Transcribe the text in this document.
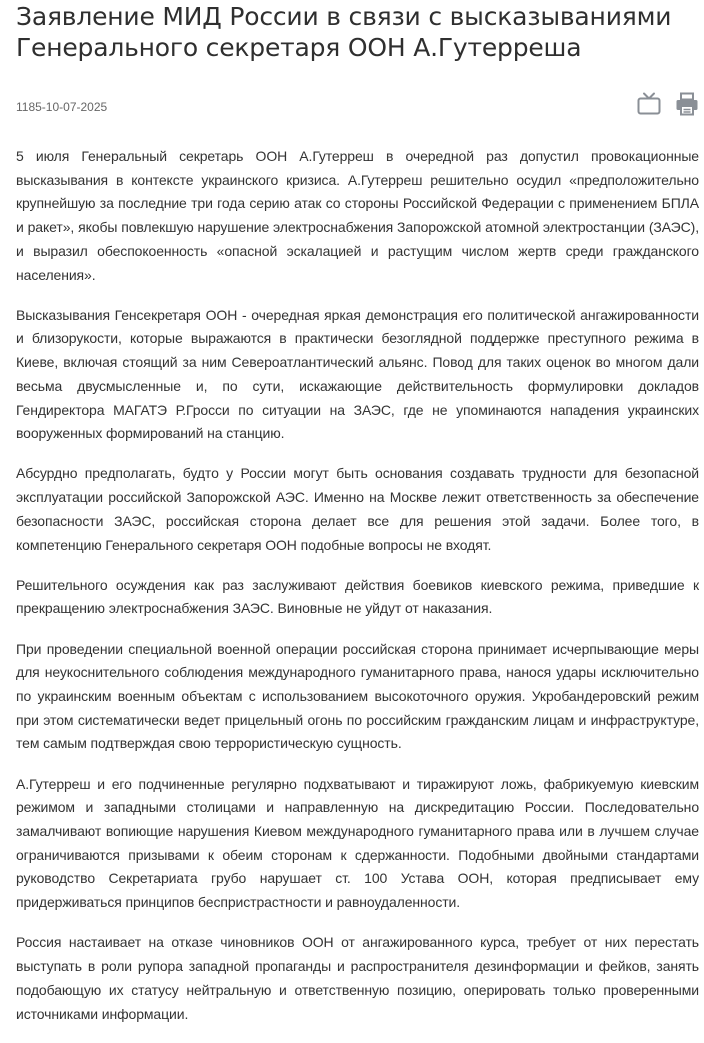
Заявление МИД России в связи с высказываниями Генерального секретаря ООН А.Гутерреша
1185-10-07-2025

5 июля Генеральный секретарь ООН А.Гутерреш в очередной раз допустил провокационные высказывания в контексте украинского кризиса. А.Гутерреш решительно осудил «предположительно крупнейшую за последние три года серию атак со стороны Российской Федерации с применением БПЛА и ракет», якобы повлекшую нарушение электроснабжения Запорожской атомной электростанции (ЗАЭС), и выразил обеспокоенность «опасной эскалацией и растущим числом жертв среди гражданского населения».

Высказывания Генсекретаря ООН - очередная яркая демонстрация его политической ангажированности и близорукости, которые выражаются в практически безоглядной поддержке преступного режима в Киеве, включая стоящий за ним Североатлантический альянс. Повод для таких оценок во многом дали весьма двусмысленные и, по сути, искажающие действительность формулировки докладов Гендиректора МАГАТЭ Р.Гросси по ситуации на ЗАЭС, где не упоминаются нападения украинских вооруженных формирований на станцию.

Абсурдно предполагать, будто у России могут быть основания создавать трудности для безопасной эксплуатации российской Запорожской АЭС. Именно на Москве лежит ответственность за обеспечение безопасности ЗАЭС, российская сторона делает все для решения этой задачи. Более того, в компетенцию Генерального секретаря ООН подобные вопросы не входят.

Решительного осуждения как раз заслуживают действия боевиков киевского режима, приведшие к прекращению электроснабжения ЗАЭС. Виновные не уйдут от наказания.

При проведении специальной военной операции российская сторона принимает исчерпывающие меры для неукоснительного соблюдения международного гуманитарного права, нанося удары исключительно по украинским военным объектам с использованием высокоточного оружия. Укробандеровский режим при этом систематически ведет прицельный огонь по российским гражданским лицам и инфраструктуре, тем самым подтверждая свою террористическую сущность.

А.Гутерреш и его подчиненные регулярно подхватывают и тиражируют ложь, фабрикуемую киевским режимом и западными столицами и направленную на дискредитацию России. Последовательно замалчивают вопиющие нарушения Киевом международного гуманитарного права или в лучшем случае ограничиваются призывами к обеим сторонам к сдержанности. Подобными двойными стандартами руководство Секретариата грубо нарушает ст. 100 Устава ООН, которая предписывает ему придерживаться принципов беспристрастности и равноудаленности.

Россия настаивает на отказе чиновников ООН от ангажированного курса, требует от них перестать выступать в роли рупора западной пропаганды и распространителя дезинформации и фейков, занять подобающую их статусу нейтральную и ответственную позицию, оперировать только проверенными источниками информации.
